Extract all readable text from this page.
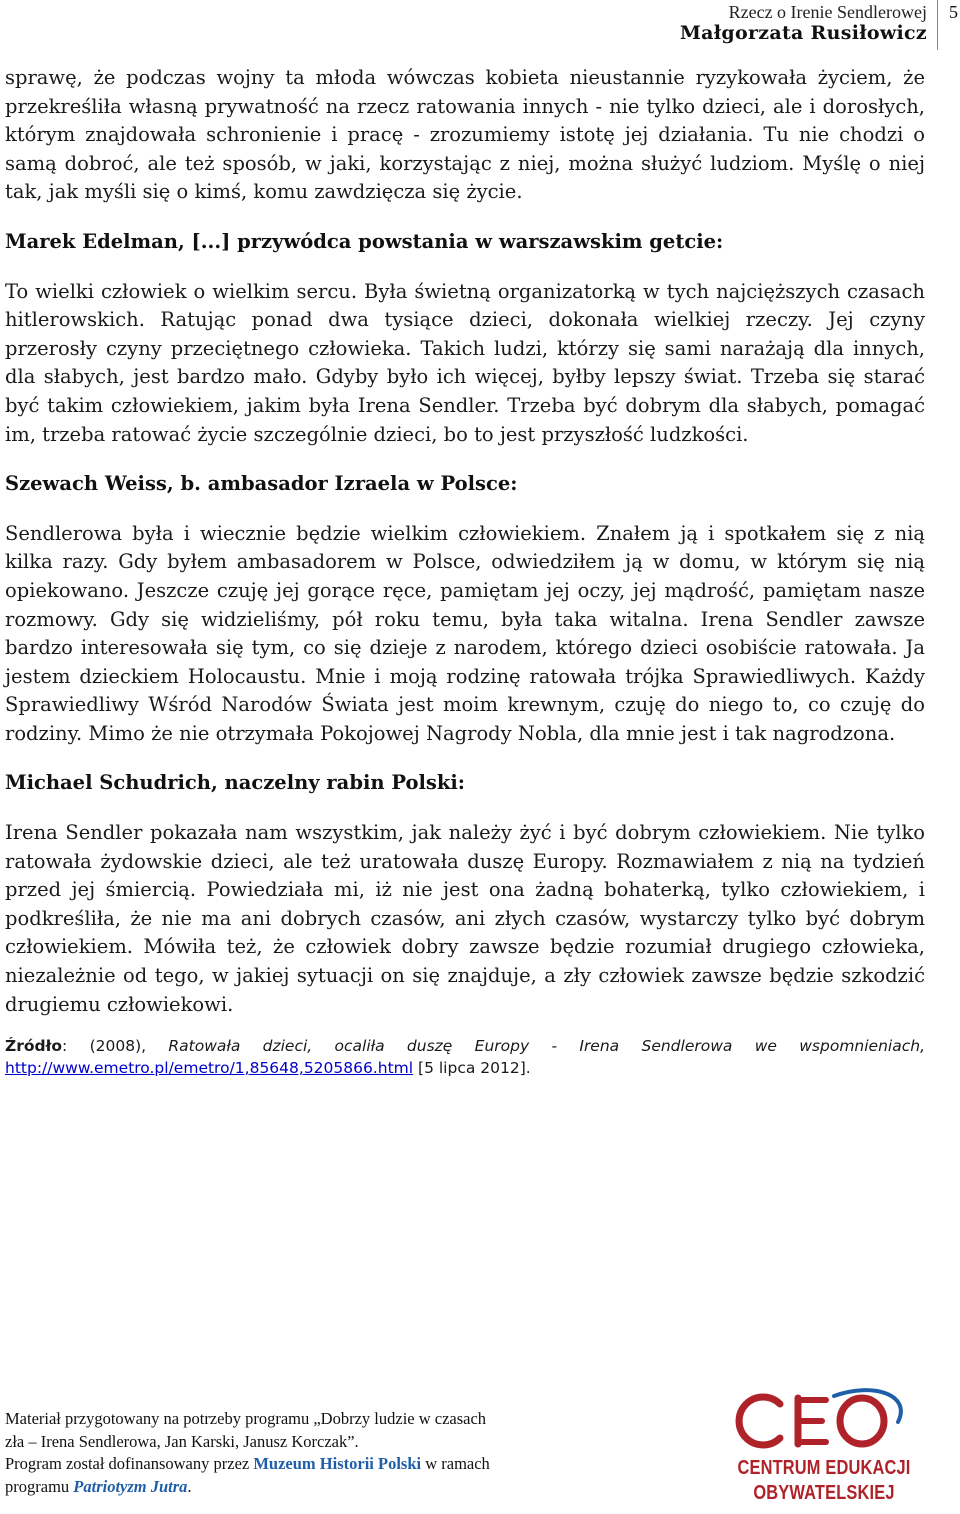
Rzecz o Irenie Sendlerowej
Małgorzata Rusiłowicz
5

sprawę, że podczas wojny ta młoda wówczas kobieta nieustannie ryzykowała życiem, że przekreśliła własną prywatność na rzecz ratowania innych - nie tylko dzieci, ale i dorosłych, którym znajdowała schronienie i pracę - zrozumiemy istotę jej działania. Tu nie chodzi o samą dobroć, ale też sposób, w jaki, korzystając z niej, można służyć ludziom. Myślę o niej tak, jak myśli się o kimś, komu zawdzięcza się życie.

Marek Edelman, [...] przywódca powstania w warszawskim getcie:

To wielki człowiek o wielkim sercu. Była świetną organizatorką w tych najcięższych czasach hitlerowskich. Ratując ponad dwa tysiące dzieci, dokonała wielkiej rzeczy. Jej czyny przerosły czyny przeciętnego człowieka. Takich ludzi, którzy się sami narażają dla innych, dla słabych, jest bardzo mało. Gdyby było ich więcej, byłby lepszy świat. Trzeba się starać być takim człowiekiem, jakim była Irena Sendler. Trzeba być dobrym dla słabych, pomagać im, trzeba ratować życie szczególnie dzieci, bo to jest przyszłość ludzkości.

Szewach Weiss, b. ambasador Izraela w Polsce:

Sendlerowa była i wiecznie będzie wielkim człowiekiem. Znałem ją i spotkałem się z nią kilka razy. Gdy byłem ambasadorem w Polsce, odwiedziłem ją w domu, w którym się nią opiekowano. Jeszcze czuję jej gorące ręce, pamiętam jej oczy, jej mądrość, pamiętam nasze rozmowy. Gdy się widzieliśmy, pół roku temu, była taka witalna. Irena Sendler zawsze bardzo interesowała się tym, co się dzieje z narodem, którego dzieci osobiście ratowała. Ja jestem dzieckiem Holocaustu. Mnie i moją rodzinę ratowała trójka Sprawiedliwych. Każdy Sprawiedliwy Wśród Narodów Świata jest moim krewnym, czuję do niego to, co czuję do rodziny. Mimo że nie otrzymała Pokojowej Nagrody Nobla, dla mnie jest i tak nagrodzona.

Michael Schudrich, naczelny rabin Polski:

Irena Sendler pokazała nam wszystkim, jak należy żyć i być dobrym człowiekiem. Nie tylko ratowała żydowskie dzieci, ale też uratowała duszę Europy. Rozmawiałem z nią na tydzień przed jej śmiercią. Powiedziała mi, iż nie jest ona żadną bohaterką, tylko człowiekiem, i podkreśliła, że nie ma ani dobrych czasów, ani złych czasów, wystarczy tylko być dobrym człowiekiem. Mówiła też, że człowiek dobry zawsze będzie rozumiał drugiego człowieka, niezależnie od tego, w jakiej sytuacji on się znajduje, a zły człowiek zawsze będzie szkodzić drugiemu człowiekowi.

Źródło: (2008), Ratowała dzieci, ocaliła duszę Europy - Irena Sendlerowa we wspomnieniach, http://www.emetro.pl/emetro/1,85648,5205866.html [5 lipca 2012].

Materiał przygotowany na potrzeby programu „Dobrzy ludzie w czasach
zła – Irena Sendlerowa, Jan Karski, Janusz Korczak”.
Program został dofinansowany przez Muzeum Historii Polski w ramach
programu Patriotyzm Jutra.
CENTRUM EDUKACJI
OBYWATELSKIEJ
